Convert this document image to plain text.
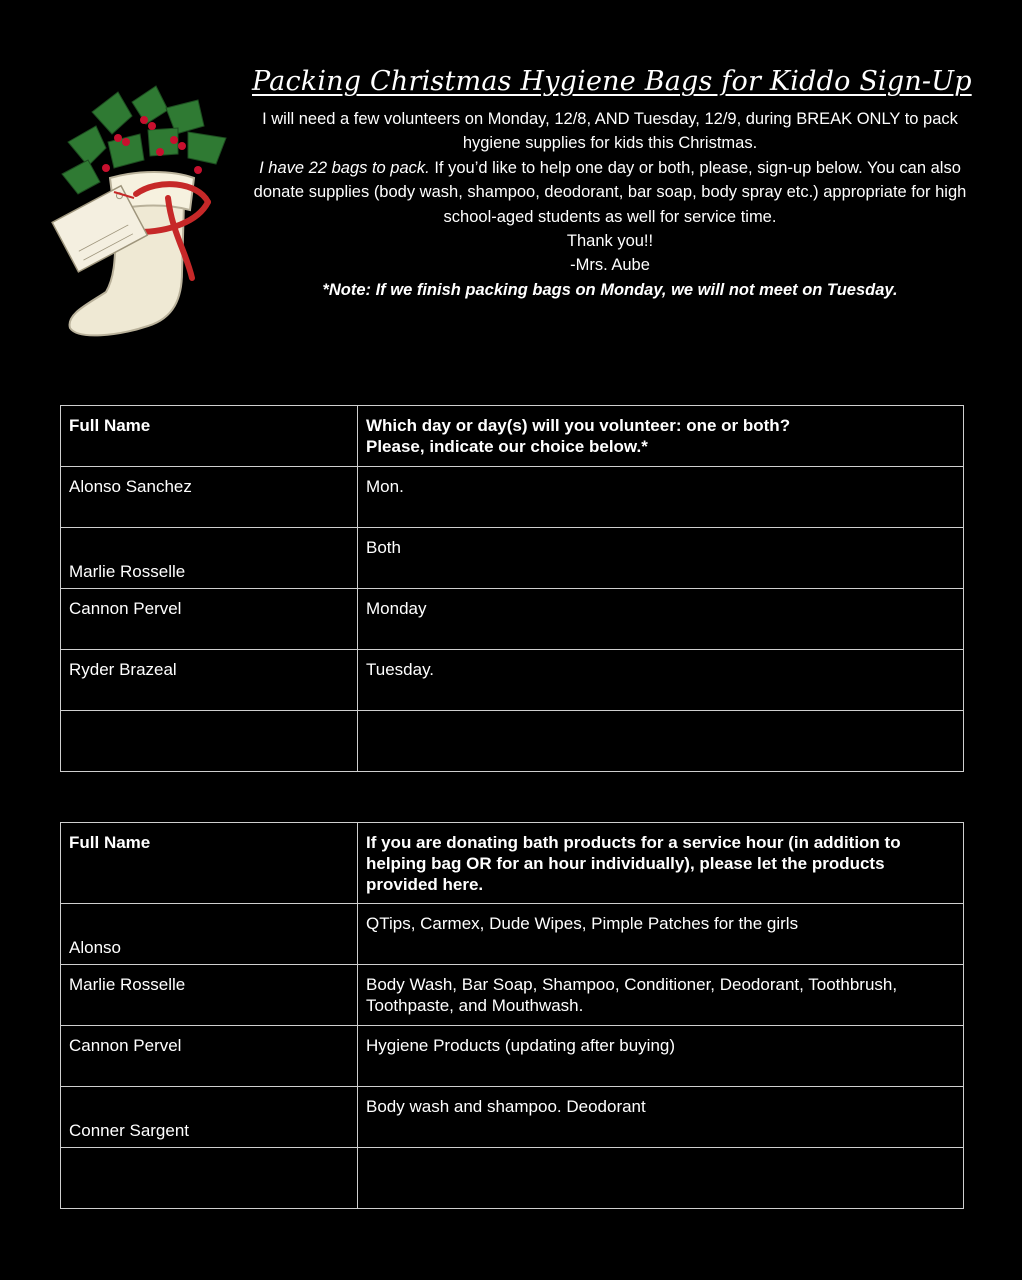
Packing Christmas Hygiene Bags for Kiddo Sign-Up

I will need a few volunteers on Monday, 12/8, AND Tuesday, 12/9, during BREAK ONLY to pack hygiene supplies for kids this Christmas.

I have 22 bags to pack. If you’d like to help one day or both, please, sign-up below. You can also donate supplies (body wash, shampoo, deodorant, bar soap, body spray etc.) appropriate for high school-aged students as well for service time.

Thank you!!

-Mrs. Aube

*Note: If we finish packing bags on Monday, we will not meet on Tuesday.

Full Name	Which day or day(s) will you volunteer: one or both?
Please, indicate our choice below.*

Alonso Sanchez	Mon.
Marlie Rosselle	Both
Cannon Pervel	Monday
Ryder Brazeal	Tuesday.

Full Name	If you are donating bath products for a service hour (in addition to helping bag OR for an hour individually), please let the products provided here.
Alonso	QTips, Carmex, Dude Wipes, Pimple Patches for the girls
Marlie Rosselle	Body Wash, Bar Soap, Shampoo, Conditioner, Deodorant, Toothbrush, Toothpaste, and Mouthwash.
Cannon Pervel	Hygiene Products (updating after buying)
Conner Sargent	Body wash and shampoo. Deodorant
